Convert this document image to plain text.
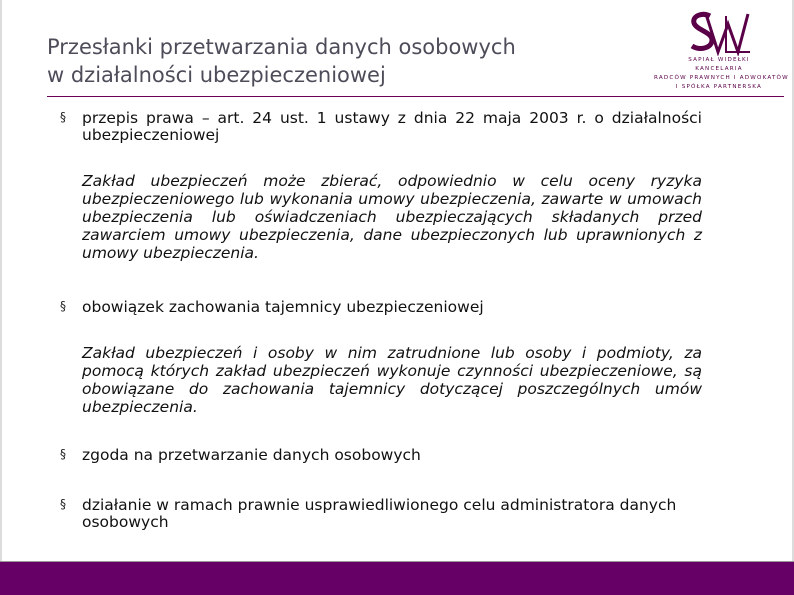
Przesłanki przetwarzania danych osobowych
w działalności ubezpieczeniowej
SAPIAŁ WIDEŁKI
KANCELARIA
RADCÓW PRAWNYCH I ADWOKATÓW
I SPÓŁKA PARTNERSKA
§ przepis prawa – art. 24 ust. 1 ustawy z dnia 22 maja 2003 r. o działalności ubezpieczeniowej
Zakład ubezpieczeń może zbierać, odpowiednio w celu oceny ryzyka ubezpieczeniowego lub wykonania umowy ubezpieczenia, zawarte w umowach ubezpieczenia lub oświadczeniach ubezpieczających składanych przed zawarciem umowy ubezpieczenia, dane ubezpieczonych lub uprawnionych z umowy ubezpieczenia.
§ obowiązek zachowania tajemnicy ubezpieczeniowej
Zakład ubezpieczeń i osoby w nim zatrudnione lub osoby i podmioty, za pomocą których zakład ubezpieczeń wykonuje czynności ubezpieczeniowe, są obowiązane do zachowania tajemnicy dotyczącej poszczególnych umów ubezpieczenia.
§ zgoda na przetwarzanie danych osobowych
§ działanie w ramach prawnie usprawiedliwionego celu administratora danych osobowych
